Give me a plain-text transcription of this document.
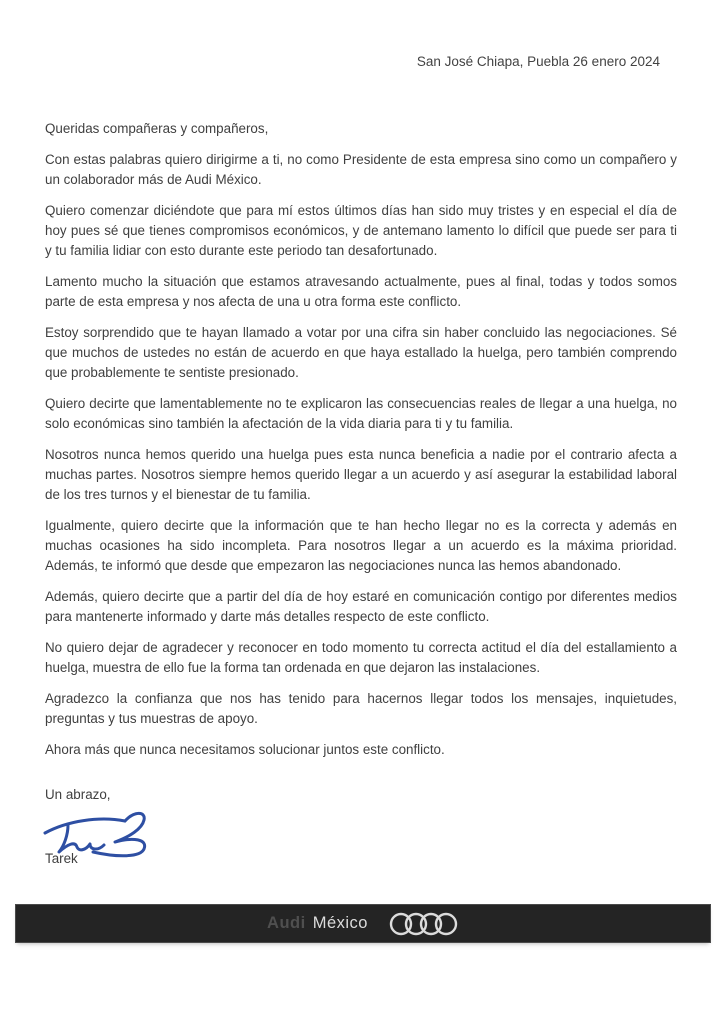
San José Chiapa, Puebla 26 enero 2024
Queridas compañeras y compañeros,

Con estas palabras quiero dirigirme a ti, no como Presidente de esta empresa sino como un compañero y un colaborador más de Audi México.

Quiero comenzar diciéndote que para mí estos últimos días han sido muy tristes y en especial el día de hoy pues sé que tienes compromisos económicos, y de antemano lamento lo difícil que puede ser para ti y tu familia lidiar con esto durante este periodo tan desafortunado.

Lamento mucho la situación que estamos atravesando actualmente, pues al final, todas y todos somos parte de esta empresa y nos afecta de una u otra forma este conflicto.

Estoy sorprendido que te hayan llamado a votar por una cifra sin haber concluido las negociaciones. Sé que muchos de ustedes no están de acuerdo en que haya estallado la huelga, pero también comprendo que probablemente te sentiste presionado.

Quiero decirte que lamentablemente no te explicaron las consecuencias reales de llegar a una huelga, no solo económicas sino también la afectación de la vida diaria para ti y tu familia.

Nosotros nunca hemos querido una huelga pues esta nunca beneficia a nadie por el contrario afecta a muchas partes. Nosotros siempre hemos querido llegar a un acuerdo y así asegurar la estabilidad laboral de los tres turnos y el bienestar de tu familia.

Igualmente, quiero decirte que la información que te han hecho llegar no es la correcta y además en muchas ocasiones ha sido incompleta. Para nosotros llegar a un acuerdo es la máxima prioridad. Además, te informó que desde que empezaron las negociaciones nunca las hemos abandonado.

Además, quiero decirte que a partir del día de hoy estaré en comunicación contigo por diferentes medios para mantenerte informado y darte más detalles respecto de este conflicto.

No quiero dejar de agradecer y reconocer en todo momento tu correcta actitud el día del estallamiento a huelga, muestra de ello fue la forma tan ordenada en que dejaron las instalaciones.

Agradezco la confianza que nos has tenido para hacernos llegar todos los mensajes, inquietudes, preguntas y tus muestras de apoyo.

Ahora más que nunca necesitamos solucionar juntos este conflicto.

Un abrazo,
Tarek
Audi México
